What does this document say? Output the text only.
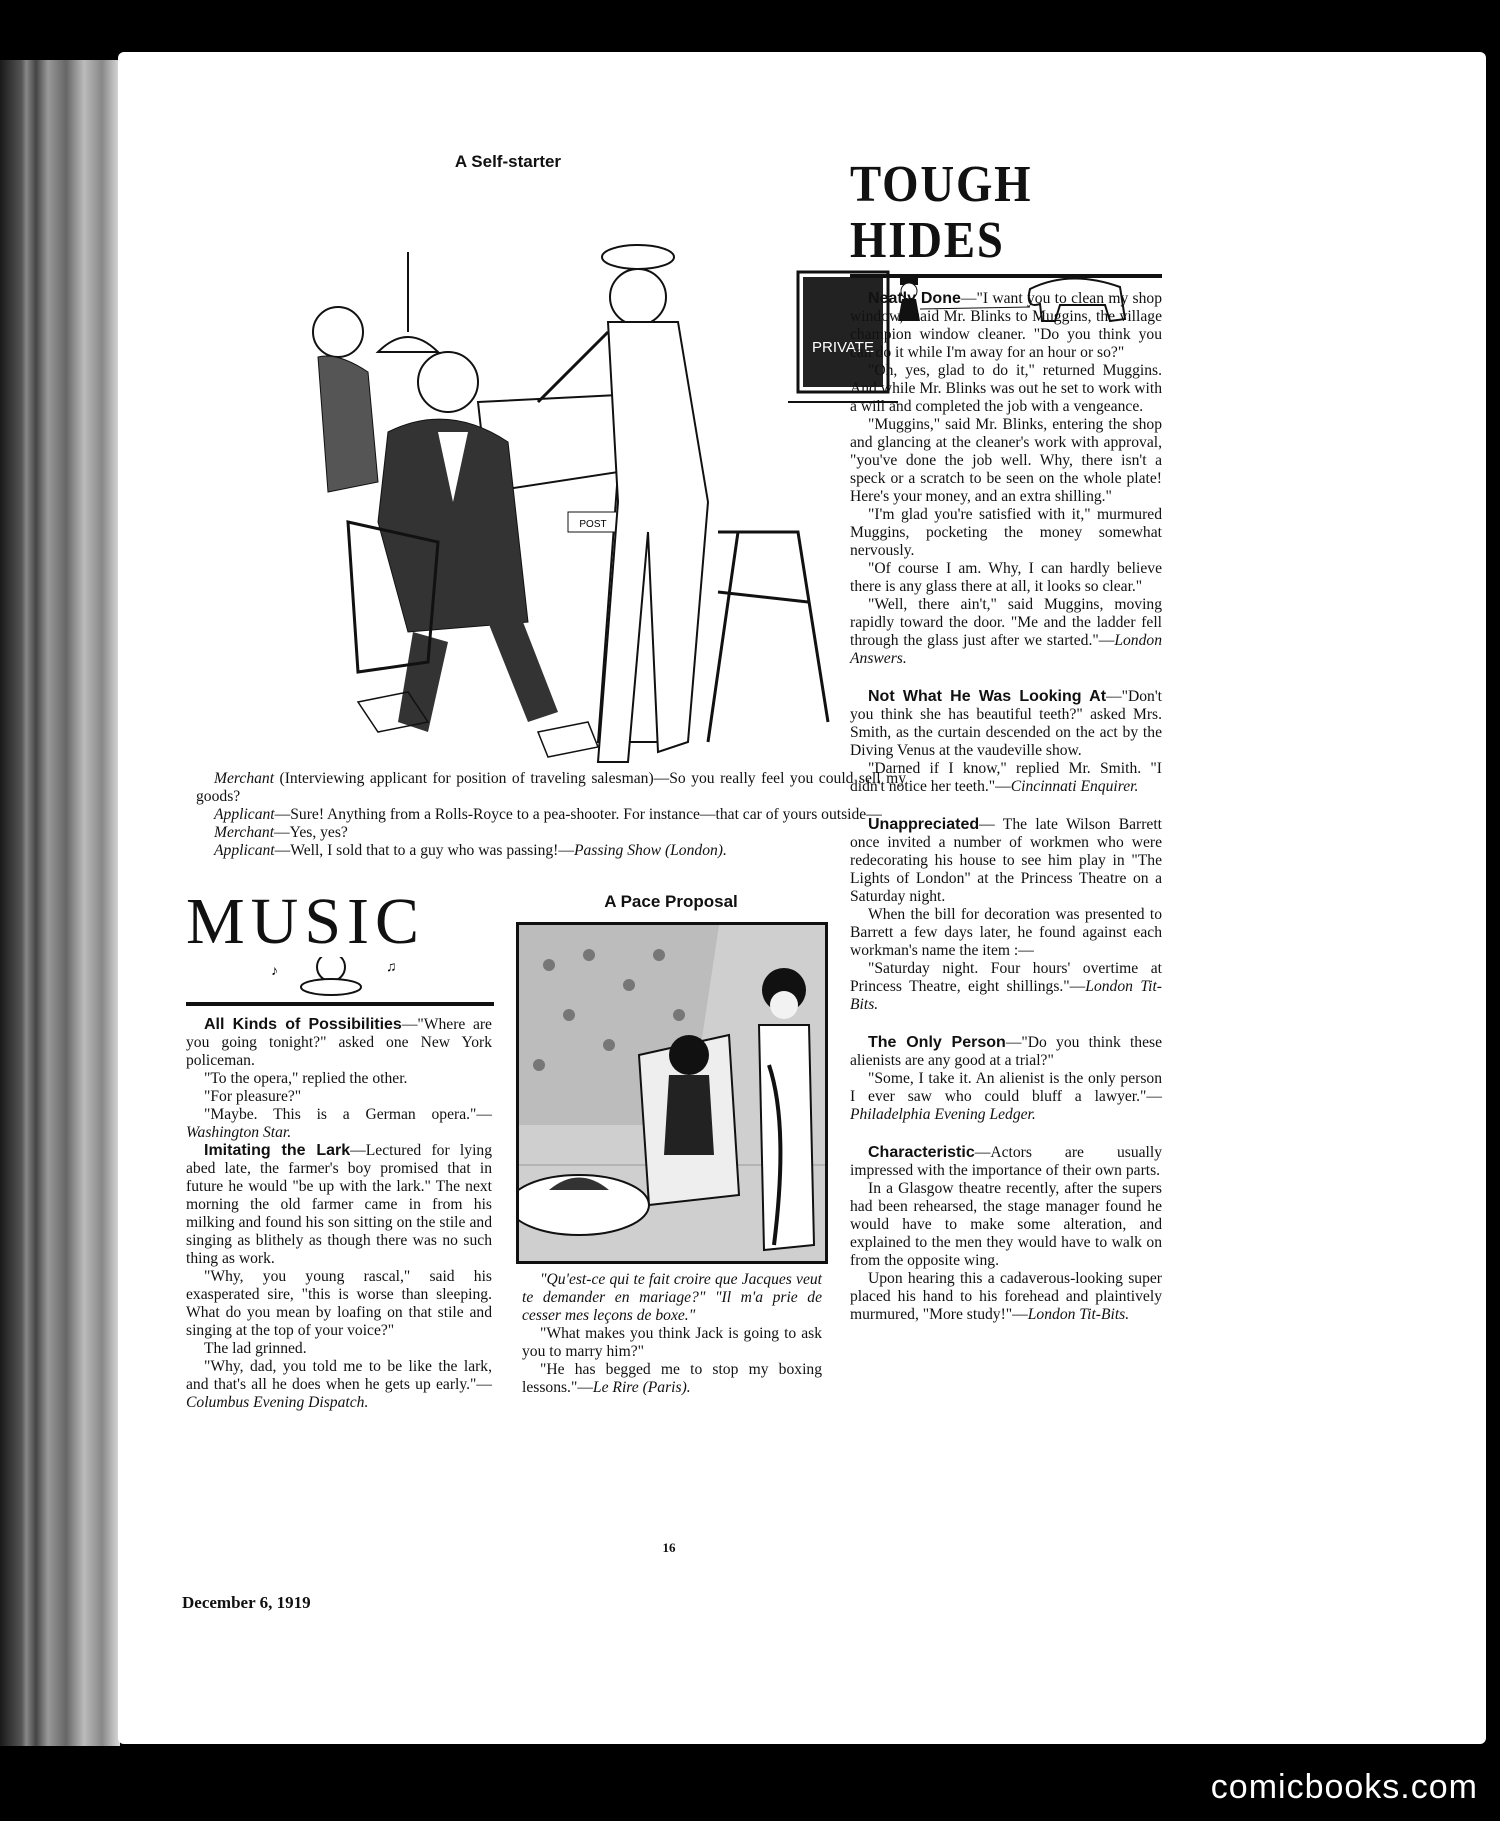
A Self-starter
PRIVATE
POST
Merchant (Interviewing applicant for position of traveling salesman)—So you really feel you could sell my goods?
Applicant—Sure! Anything from a Rolls-Royce to a pea-shooter. For instance—that car of yours outside—
Merchant—Yes, yes?
Applicant—Well, I sold that to a guy who was passing!—Passing Show (London).
TOUGH HIDES

Neatly Done—"I want you to clean my shop window," said Mr. Blinks to Muggins, the village champion window cleaner. "Do you think you can do it while I'm away for an hour or so?"

"Oh, yes, glad to do it," returned Muggins. And while Mr. Blinks was out he set to work with a will and completed the job with a vengeance.

"Muggins," said Mr. Blinks, entering the shop and glancing at the cleaner's work with approval, "you've done the job well. Why, there isn't a speck or a scratch to be seen on the whole plate! Here's your money, and an extra shilling."

"I'm glad you're satisfied with it," murmured Muggins, pocketing the money somewhat nervously.

"Of course I am. Why, I can hardly believe there is any glass there at all, it looks so clear."

"Well, there ain't," said Muggins, moving rapidly toward the door. "Me and the ladder fell through the glass just after we started."—London Answers.

Not What He Was Looking At—"Don't you think she has beautiful teeth?" asked Mrs. Smith, as the curtain descended on the act by the Diving Venus at the vaudeville show.

"Darned if I know," replied Mr. Smith. "I didn't notice her teeth."—Cincinnati Enquirer.

Unappreciated— The late Wilson Barrett once invited a number of workmen who were redecorating his house to see him play in "The Lights of London" at the Princess Theatre on a Saturday night.

When the bill for decoration was presented to Barrett a few days later, he found against each workman's name the item :—

"Saturday night. Four hours' overtime at Princess Theatre, eight shillings."—London Tit-Bits.

The Only Person—"Do you think these alienists are any good at a trial?"

"Some, I take it. An alienist is the only person I ever saw who could bluff a lawyer."—Philadelphia Evening Ledger.

Characteristic—Actors are usually impressed with the importance of their own parts.

In a Glasgow theatre recently, after the supers had been rehearsed, the stage manager found he would have to make some alteration, and explained to the men they would have to walk on from the opposite wing.

Upon hearing this a cadaverous-looking super placed his hand to his forehead and plaintively murmured, "More study!"—London Tit-Bits.

MUSIC
♪	♫

All Kinds of Possibilities—"Where are you going tonight?" asked one New York policeman.

"To the opera," replied the other.

"For pleasure?"

"Maybe. This is a German opera."—Washington Star.

Imitating the Lark—Lectured for lying abed late, the farmer's boy promised that in future he would "be up with the lark." The next morning the old farmer came in from his milking and found his son sitting on the stile and singing as blithely as though there was no such thing as work.

"Why, you young rascal," said his exasperated sire, "this is worse than sleeping. What do you mean by loafing on that stile and singing at the top of your voice?"

The lad grinned.

"Why, dad, you told me to be like the lark, and that's all he does when he gets up early."—Columbus Evening Dispatch.

A Pace Proposal

"Qu'est-ce qui te fait croire que Jacques veut te demander en mariage?" "Il m'a prie de cesser mes leçons de boxe."

"What makes you think Jack is going to ask you to marry him?"

"He has begged me to stop my boxing lessons."—Le Rire (Paris).

16
December 6, 1919
comicbooks.com
